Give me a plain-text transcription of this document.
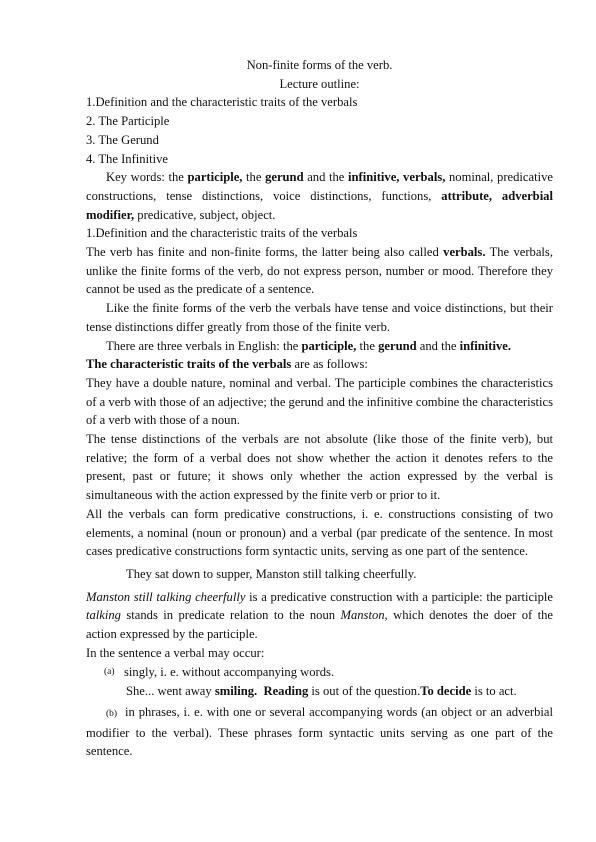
Non-finite forms of the verb.

Lecture outline:

1.Definition and the characteristic traits of the verbals

2. The Participle

3. The Gerund

4. The Infinitive

Key words: the participle, the gerund and the infinitive, verbals, nominal, predicative constructions, tense distinctions, voice distinctions, functions, attribute, adverbial modifier, predicative, subject, object.

1.Definition and the characteristic traits of the verbals

The verb has finite and non-finite forms, the latter being also called verbals. The verbals, unlike the finite forms of the verb, do not express person, number or mood. Therefore they cannot be used as the predicate of a sentence.

Like the finite forms of the verb the verbals have tense and voice distinctions, but their tense distinctions differ greatly from those of the finite verb.

There are three verbals in English: the participle, the gerund and the infinitive.

The characteristic traits of the verbals are as follows:

They have a double nature, nominal and verbal. The participle combines the characteristics of a verb with those of an adjective; the gerund and the infinitive combine the characteristics of a verb with those of a noun.

The tense distinctions of the verbals are not absolute (like those of the finite verb), but relative; the form of a verbal does not show whether the action it denotes refers to the present, past or future; it shows only whether the action expressed by the verbal is simultaneous with the action expressed by the finite verb or prior to it.

All the verbals can form predicative constructions, i. e. constructions consisting of two elements, a nominal (noun or pronoun) and a verbal (par predicate of the sentence. In most cases predicative constructions form syntactic units, serving as one part of the sentence.

They sat down to supper, Manston still talking cheerfully.

Manston still talking cheerfully is a predicative construction with a participle: the participle talking stands in predicate relation to the noun Manston, which denotes the doer of the action expressed by the participle.

In the sentence a verbal may occur:

(a) singly, i. e. without accompanying words.

She... went away smiling. Reading is out of the question.To decide is to act.

(b) in phrases, i. e. with one or several accompanying words (an object or an adverbial modifier to the verbal). These phrases form syntactic units serving as one part of the sentence.
